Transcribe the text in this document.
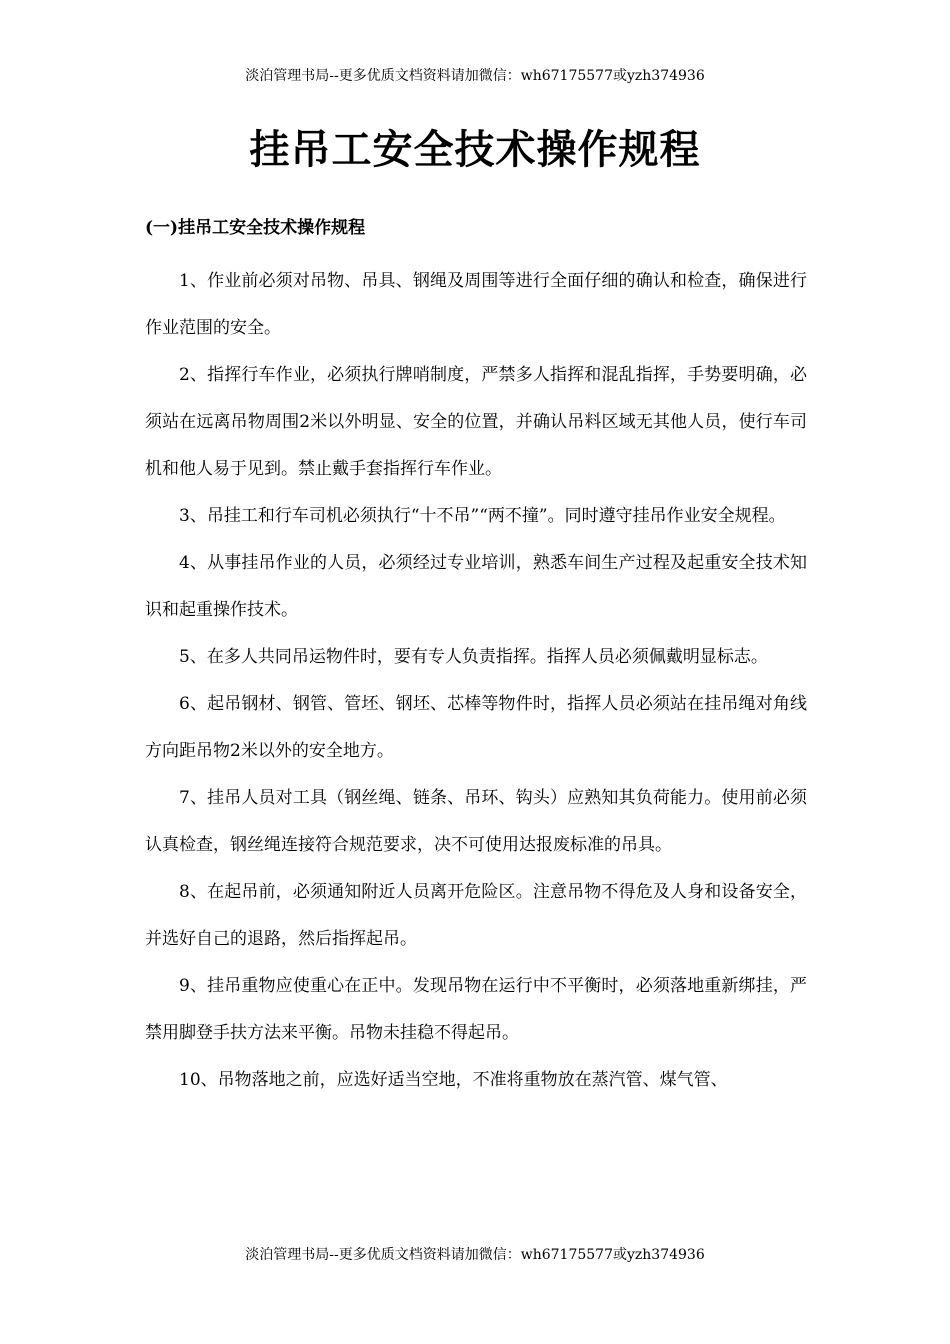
淡泊管理书局--更多优质文档资料请加微信：wh67175577或yzh374936
挂吊工安全技术操作规程
(一)挂吊工安全技术操作规程

1、作业前必须对吊物、吊具、钢绳及周围等进行全面仔细的确认和检查，确保进行作业范围的安全。

2、指挥行车作业，必须执行牌哨制度，严禁多人指挥和混乱指挥，手势要明确，必须站在远离吊物周围2米以外明显、安全的位置，并确认吊料区域无其他人员，使行车司机和他人易于见到。禁止戴手套指挥行车作业。

3、吊挂工和行车司机必须执行“十不吊”“两不撞”。同时遵守挂吊作业安全规程。

4、从事挂吊作业的人员，必须经过专业培训，熟悉车间生产过程及起重安全技术知识和起重操作技术。

5、在多人共同吊运物件时，要有专人负责指挥。指挥人员必须佩戴明显标志。

6、起吊钢材、钢管、管坯、钢坯、芯棒等物件时，指挥人员必须站在挂吊绳对角线方向距吊物2米以外的安全地方。

7、挂吊人员对工具（钢丝绳、链条、吊环、钩头）应熟知其负荷能力。使用前必须认真检查，钢丝绳连接符合规范要求，决不可使用达报废标准的吊具。

8、在起吊前，必须通知附近人员离开危险区。注意吊物不得危及人身和设备安全，并选好自己的退路，然后指挥起吊。

9、挂吊重物应使重心在正中。发现吊物在运行中不平衡时，必须落地重新绑挂，严禁用脚登手扶方法来平衡。吊物未挂稳不得起吊。

10、吊物落地之前，应选好适当空地，不准将重物放在蒸汽管、煤气管、

淡泊管理书局--更多优质文档资料请加微信：wh67175577或yzh374936
